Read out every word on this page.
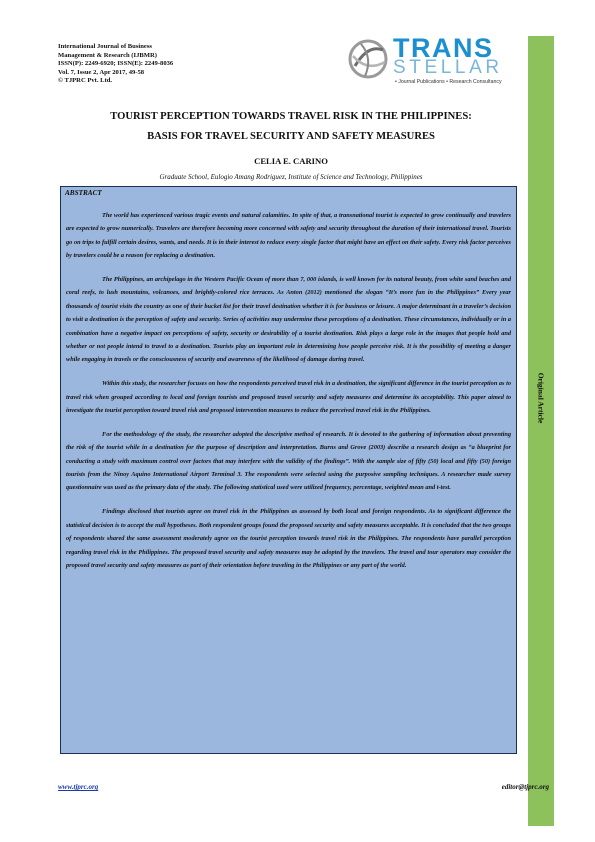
International Journal of Business
Management & Research (IJBMR)
ISSN(P): 2249-6920; ISSN(E): 2249-8036
Vol. 7, Issue 2, Apr 2017, 49-58
© TJPRC Pvt. Ltd.
TRANS
STELLAR
• Journal Publications • Research Consultancy
Original Article
TOURIST PERCEPTION TOWARDS TRAVEL RISK IN THE PHILIPPINES:
BASIS FOR TRAVEL SECURITY AND SAFETY MEASURES
CELIA E. CARINO
Graduate School, Eulogio Amang Rodriguez, Institute of Science and Technology, Philippines
ABSTRACT

The world has experienced various tragic events and natural calamities. In spite of that, a transnational tourist is expected to grow continually and travelers are expected to grow numerically. Travelers are therefore becoming more concerned with safety and security throughout the duration of their international travel. Tourists go on trips to fulfill certain desires, wants, and needs. It is in their interest to reduce every single factor that might have an effect on their safety. Every risk factor perceives by travelers could be a reason for replacing a destination.

The Philippines, an archipelago in the Western Pacific Ocean of more than 7, 000 islands, is well known for its natural beauty, from white sand beaches and coral reefs, to lush mountains, volcanoes, and brightly-colored rice terraces. As Anton (2012) mentioned the slogan “It’s more fun in the Philippines” Every year thousands of tourist visits the country as one of their bucket list for their travel destination whether it is for business or leisure. A major determinant in a traveler’s decision to visit a destination is the perception of safety and security. Series of activities may undermine these perceptions of a destination. These circumstances, individually or in a combination have a negative impact on perceptions of safety, security or desirability of a tourist destination. Risk plays a large role in the images that people hold and whether or not people intend to travel to a destination. Tourists play an important role in determining how people perceive risk. It is the possibility of meeting a danger while engaging in travels or the consciousness of security and awareness of the likelihood of damage during travel.

Within this study, the researcher focuses on how the respondents perceived travel risk in a destination, the significant difference in the tourist perception as to travel risk when grouped according to local and foreign tourists and proposed travel security and safety measures and determine its acceptability. This paper aimed to investigate the tourist perception toward travel risk and proposed intervention measures to reduce the perceived travel risk in the Philippines.

For the methodology of the study, the researcher adopted the descriptive method of research. It is devoted to the gathering of information about preventing the risk of the tourist while in a destination for the purpose of description and interpretation. Burns and Grove (2003) describe a research design as “a blueprint for conducting a study with maximum control over factors that may interfere with the validity of the findings”. With the sample size of fifty (50) local and fifty (50) foreign tourists from the Ninoy Aquino International Airport Terminal 3. The respondents were selected using the purposive sampling techniques. A researcher made survey questionnaire was used as the primary data of the study. The following statistical used were utilized frequency, percentage, weighted mean and t-test.

Findings disclosed that tourists agree on travel risk in the Philippines as assessed by both local and foreign respondents. As to significant difference the statistical decision is to accept the null hypotheses. Both respondent groups found the proposed security and safety measures acceptable. It is concluded that the two groups of respondents shared the same assessment moderately agree on the tourist perception towards travel risk in the Philippines. The respondents have parallel perception regarding travel risk in the Philippines. The proposed travel security and safety measures may be adopted by the travelers. The travel and tour operators may consider the proposed travel security and safety measures as part of their orientation before traveling in the Philippines or any part of the world.

www.tjprc.org	editor@tjprc.org
